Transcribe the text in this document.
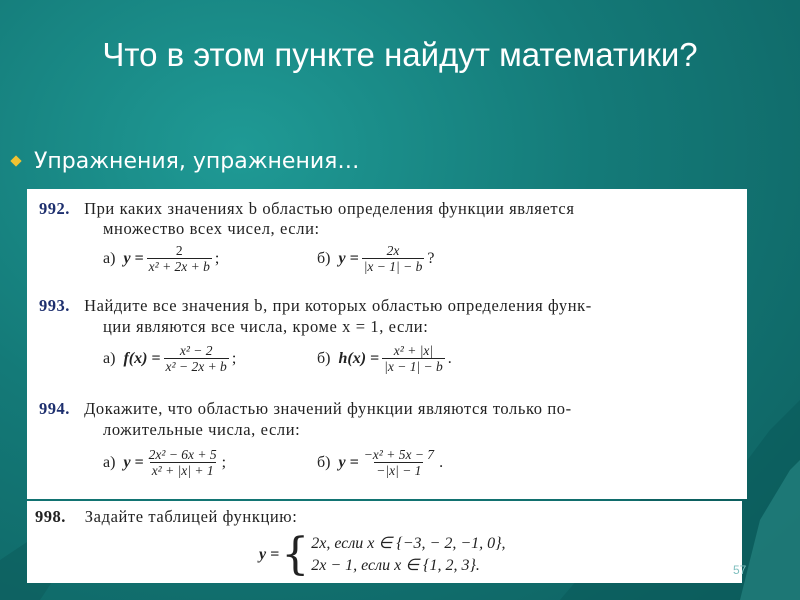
Что в этом пункте найдут математики?
Упражнения, упражнения…
992. При каких значениях b областью определения функции является
множество всех чисел, если:
а)
$y = \frac{2}{\text{x² + 2x + b}}$ ;	б)
$y = \frac{2x}{|x - 1| - b}$ ?
993. Найдите все значения b, при которых областью определения функ-
ции являются все числа, кроме x = 1, если:
а)
$f(x) = \frac{\text{x² − 2}}{\text{x² − 2x + b}}$ ;	б)
$h(x) = \frac{\text{x² + |x|}}{|x - 1| - b}$ .
994. Докажите, что областью значений функции являются только по-
ложительные числа, если:
а)
$y = \frac{\text{2x² − 6x + 5}}{\text{x² + |x| + 1}}$ ;	б)
$y = \frac{\text{−x² + 5x − 7}}{-|x| - 1}$ .
998. Задайте таблицей функцию:
y = { 2x, если x ∈ {−3, − 2, −1, 0},
2x − 1, если x ∈ {1, 2, 3}.	57
